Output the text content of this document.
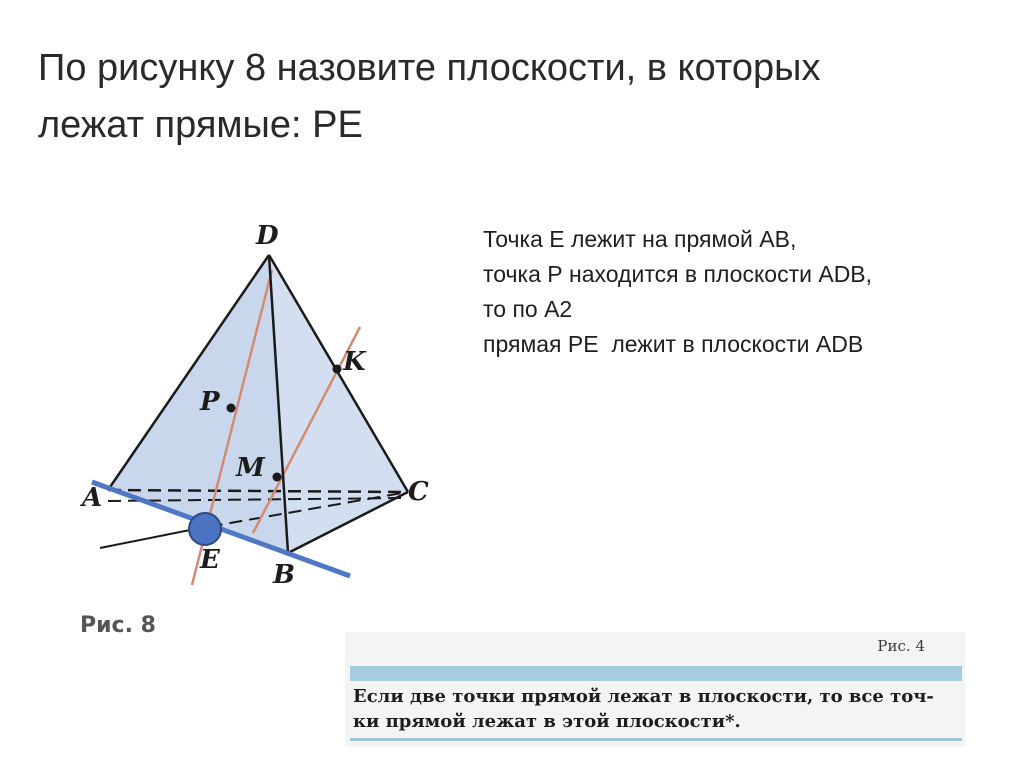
По рисунку 8 назовите плоскости, в которых
лежат прямые: PE
Точка Е лежит на прямой АВ,
точка Р находится в плоскости ADB,
то по А2
прямая РЕ  лежит в плоскости ADB
D
P
K
M
A	C
E B
Рис. 8
Рис. 4
Если две точки прямой лежат в плоскости, то все точ-
ки прямой лежат в этой плоскости*.
